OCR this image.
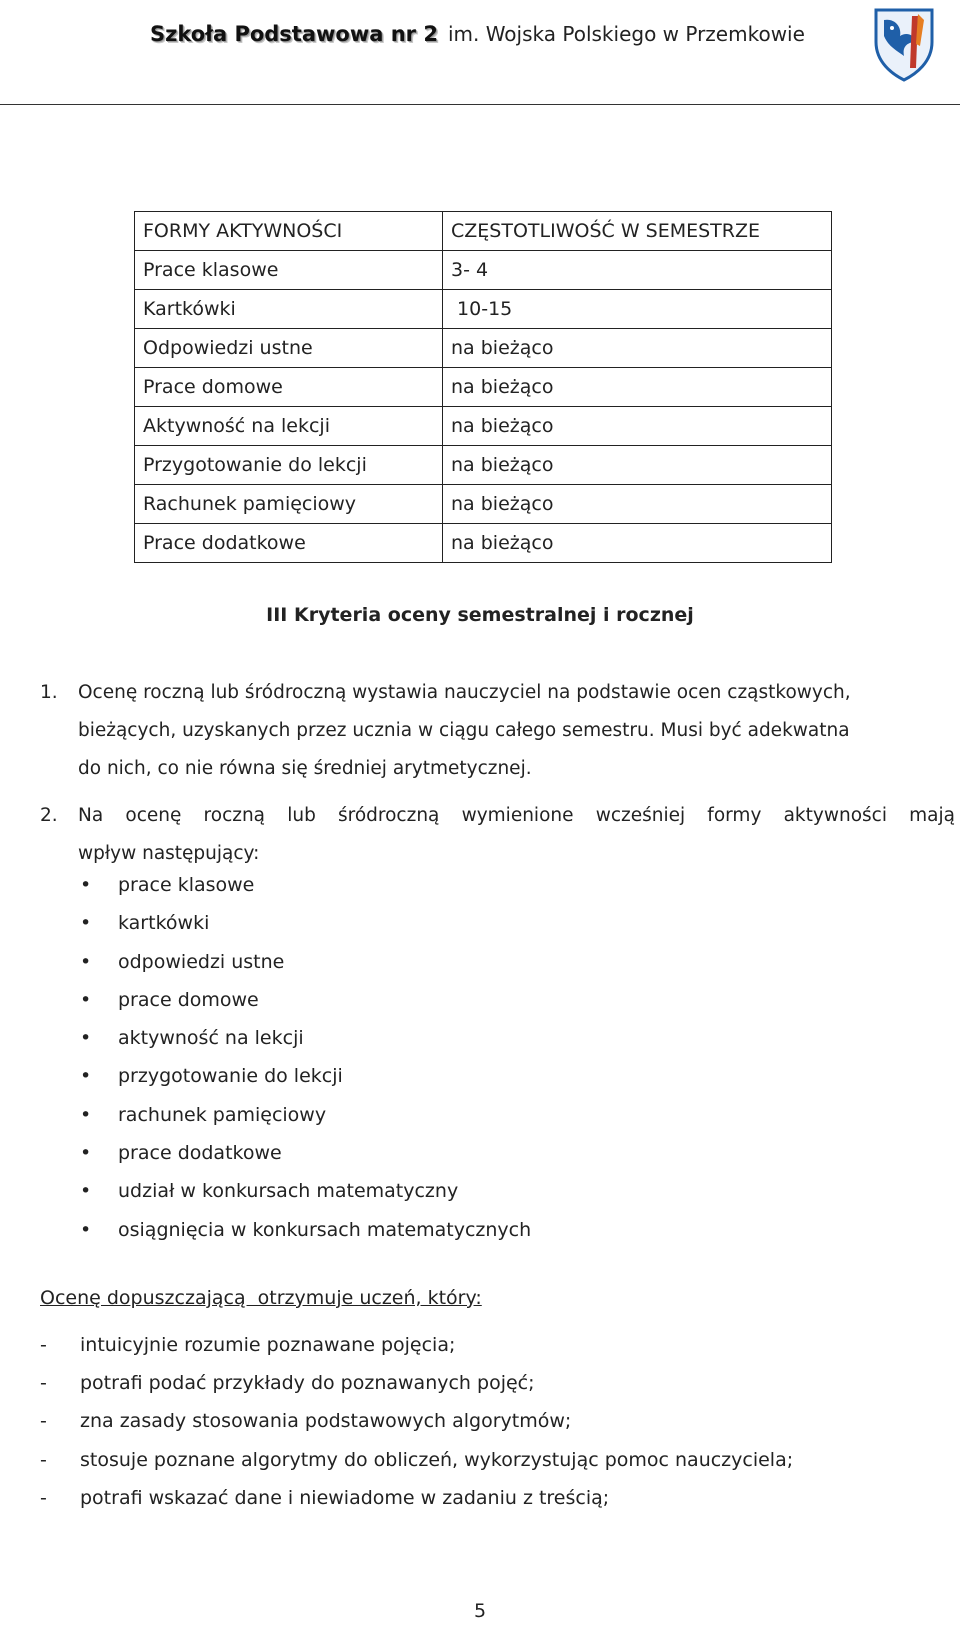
Szkoła Podstawowa nr 2 im. Wojska Polskiego w Przemkowie
FORMY AKTYWNOŚCI	CZĘSTOTLIWOŚĆ W SEMESTRZE
Prace klasowe	3- 4
Kartkówki	10-15
Odpowiedzi ustne	na bieżąco
Prace domowe	na bieżąco
Aktywność na lekcji	na bieżąco
Przygotowanie do lekcji	na bieżąco
Rachunek pamięciowy	na bieżąco
Prace dodatkowe	na bieżąco
III Kryteria oceny semestralnej i rocznej
1. Ocenę roczną lub śródroczną wystawia nauczyciel na podstawie ocen cząstkowych,
bieżących, uzyskanych przez ucznia w ciągu całego semestru. Musi być adekwatna
do nich, co nie równa się średniej arytmetycznej.
2. Na ocenę roczną lub śródroczną wymienione wcześniej formy aktywności mają
wpływ następujący:
•	prace klasowe
•	kartkówki
•	odpowiedzi ustne
•	prace domowe
•	aktywność na lekcji
•	przygotowanie do lekcji
•	rachunek pamięciowy
•	prace dodatkowe
•	udział w konkursach matematyczny
•	osiągnięcia w konkursach matematycznych
Ocenę dopuszczającą  otrzymuje uczeń, który:
-	intuicyjnie rozumie poznawane pojęcia;
-	potrafi podać przykłady do poznawanych pojęć;
-	zna zasady stosowania podstawowych algorytmów;
-	stosuje poznane algorytmy do obliczeń, wykorzystując pomoc nauczyciela;
-	potrafi wskazać dane i niewiadome w zadaniu z treścią;
5
